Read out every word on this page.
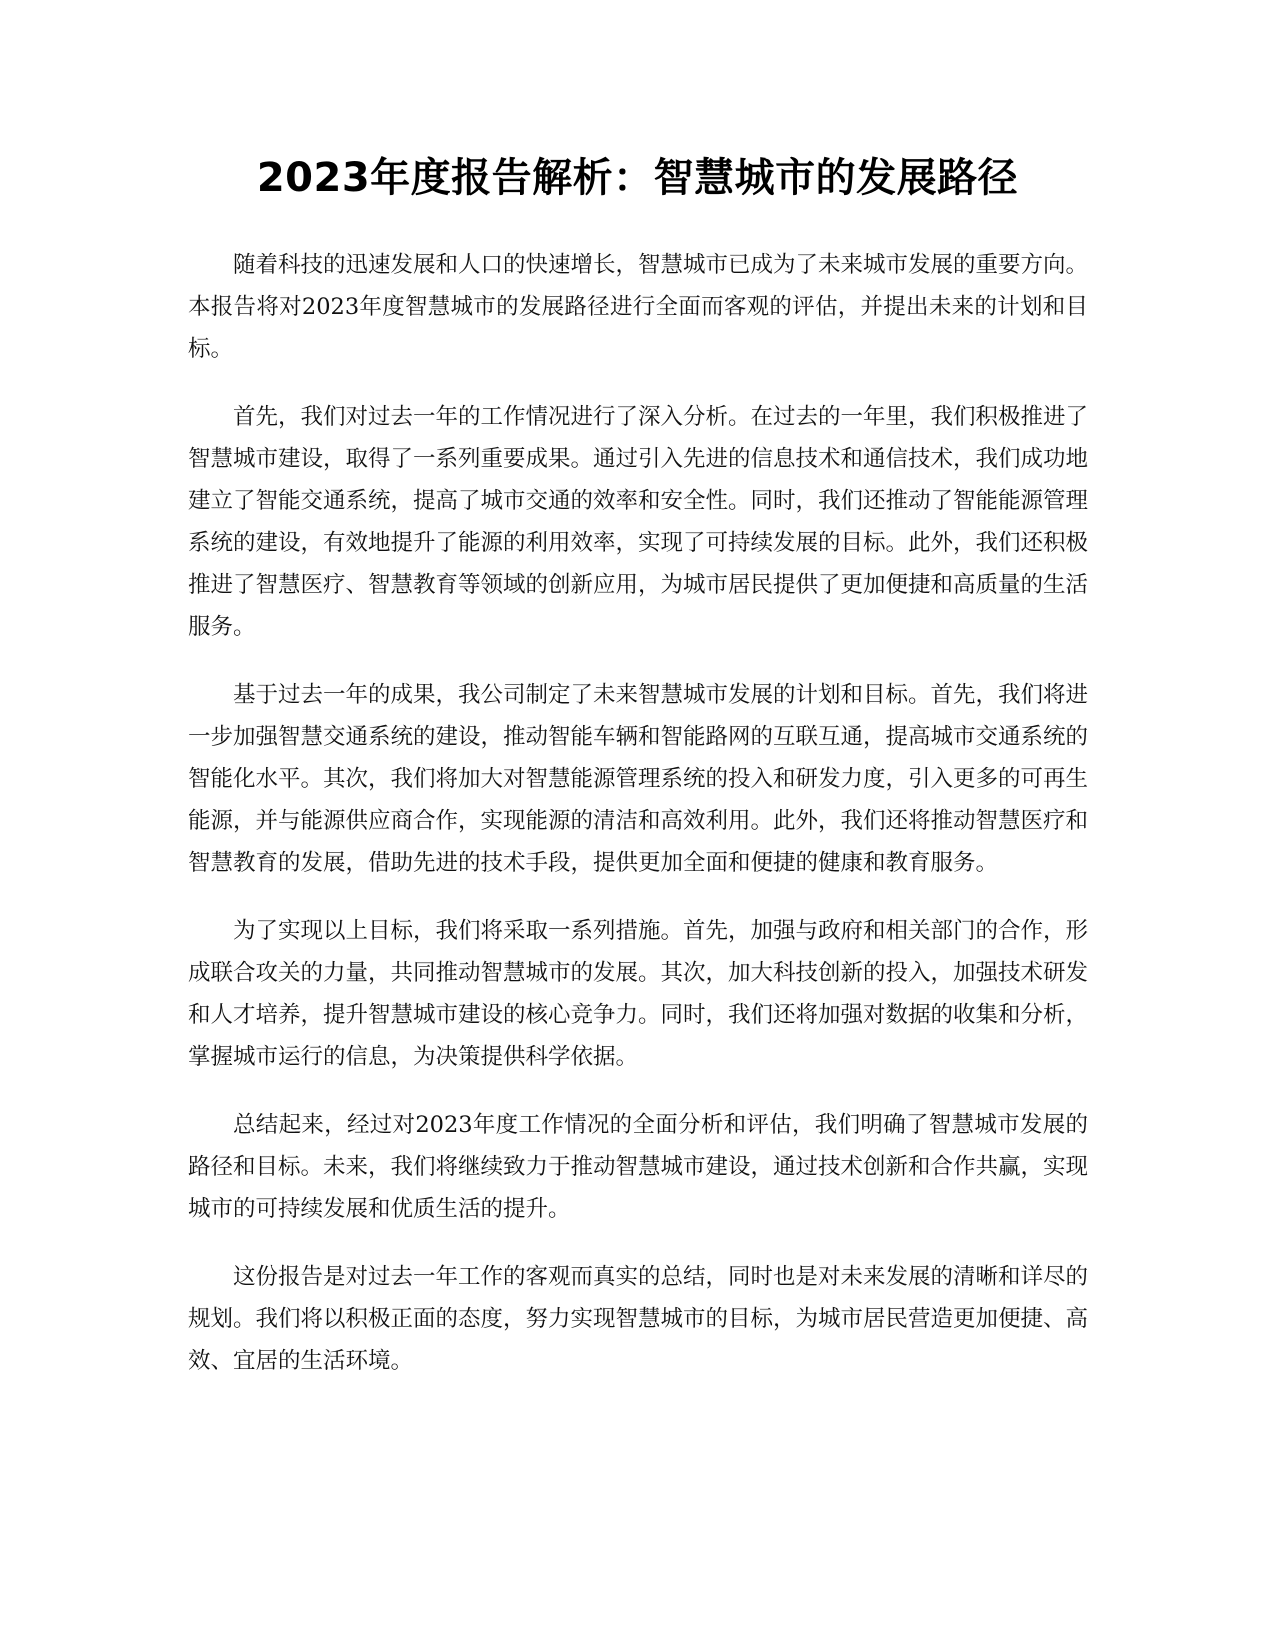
2023年度报告解析：智慧城市的发展路径

随着科技的迅速发展和人口的快速增长，智慧城市已成为了未来城市发展的重要方向。本报告将对2023年度智慧城市的发展路径进行全面而客观的评估，并提出未来的计划和目标。

首先，我们对过去一年的工作情况进行了深入分析。在过去的一年里，我们积极推进了智慧城市建设，取得了一系列重要成果。通过引入先进的信息技术和通信技术，我们成功地建立了智能交通系统，提高了城市交通的效率和安全性。同时，我们还推动了智能能源管理系统的建设，有效地提升了能源的利用效率，实现了可持续发展的目标。此外，我们还积极推进了智慧医疗、智慧教育等领域的创新应用，为城市居民提供了更加便捷和高质量的生活服务。

基于过去一年的成果，我公司制定了未来智慧城市发展的计划和目标。首先，我们将进一步加强智慧交通系统的建设，推动智能车辆和智能路网的互联互通，提高城市交通系统的智能化水平。其次，我们将加大对智慧能源管理系统的投入和研发力度，引入更多的可再生能源，并与能源供应商合作，实现能源的清洁和高效利用。此外，我们还将推动智慧医疗和智慧教育的发展，借助先进的技术手段，提供更加全面和便捷的健康和教育服务。

为了实现以上目标，我们将采取一系列措施。首先，加强与政府和相关部门的合作，形成联合攻关的力量，共同推动智慧城市的发展。其次，加大科技创新的投入，加强技术研发和人才培养，提升智慧城市建设的核心竞争力。同时，我们还将加强对数据的收集和分析，掌握城市运行的信息，为决策提供科学依据。

总结起来，经过对2023年度工作情况的全面分析和评估，我们明确了智慧城市发展的路径和目标。未来，我们将继续致力于推动智慧城市建设，通过技术创新和合作共赢，实现城市的可持续发展和优质生活的提升。

这份报告是对过去一年工作的客观而真实的总结，同时也是对未来发展的清晰和详尽的规划。我们将以积极正面的态度，努力实现智慧城市的目标，为城市居民营造更加便捷、高效、宜居的生活环境。
